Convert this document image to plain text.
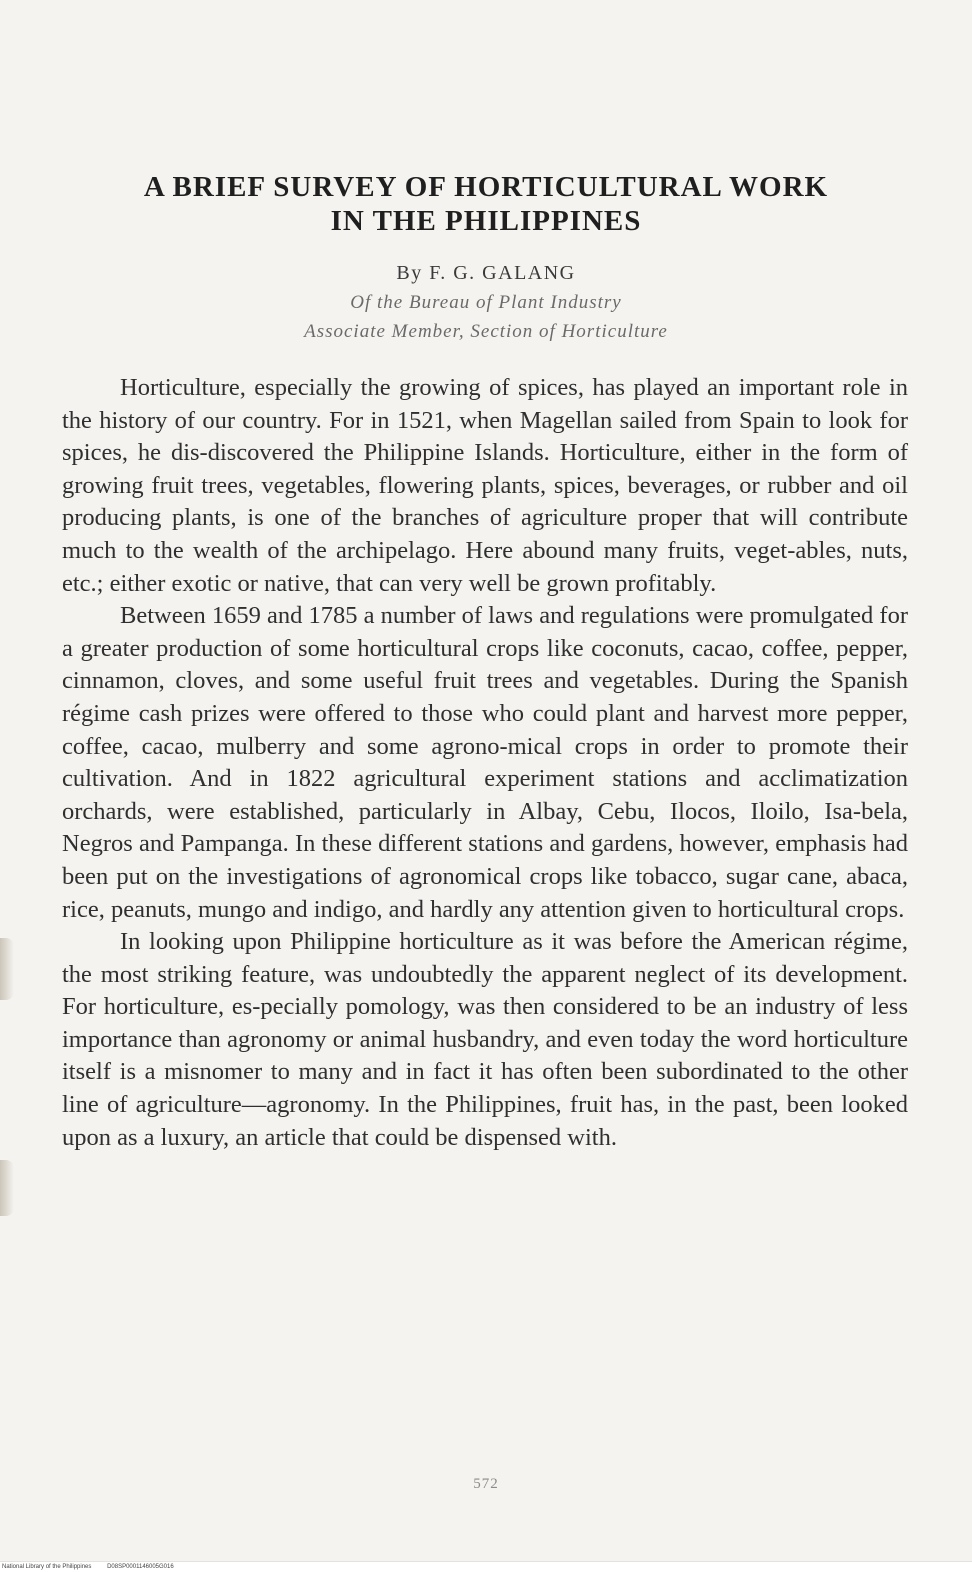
A BRIEF SURVEY OF HORTICULTURAL WORK
IN THE PHILIPPINES
By F. G. GALANG
Of the Bureau of Plant Industry
Associate Member, Section of Horticulture

Horticulture, especially the growing of spices, has played an important role in the history of our country. For in 1521, when Magellan sailed from Spain to look for spices, he dis-discovered the Philippine Islands. Horticulture, either in the form of growing fruit trees, vegetables, flowering plants, spices, beverages, or rubber and oil producing plants, is one of the branches of agriculture proper that will contribute much to the wealth of the archipelago. Here abound many fruits, veget-ables, nuts, etc.; either exotic or native, that can very well be grown profitably.

Between 1659 and 1785 a number of laws and regulations were promulgated for a greater production of some horticultural crops like coconuts, cacao, coffee, pepper, cinnamon, cloves, and some useful fruit trees and vegetables. During the Spanish régime cash prizes were offered to those who could plant and harvest more pepper, coffee, cacao, mulberry and some agrono-mical crops in order to promote their cultivation. And in 1822 agricultural experiment stations and acclimatization orchards, were established, particularly in Albay, Cebu, Ilocos, Iloilo, Isa-bela, Negros and Pampanga. In these different stations and gardens, however, emphasis had been put on the investigations of agronomical crops like tobacco, sugar cane, abaca, rice, peanuts, mungo and indigo, and hardly any attention given to horticultural crops.

In looking upon Philippine horticulture as it was before the American régime, the most striking feature, was undoubtedly the apparent neglect of its development. For horticulture, es-pecially pomology, was then considered to be an industry of less importance than agronomy or animal husbandry, and even today the word horticulture itself is a misnomer to many and in fact it has often been subordinated to the other line of agriculture—agronomy. In the Philippines, fruit has, in the past, been looked upon as a luxury, an article that could be dispensed with.

572
National Library of the Philippines	D08SP0001146005G016
